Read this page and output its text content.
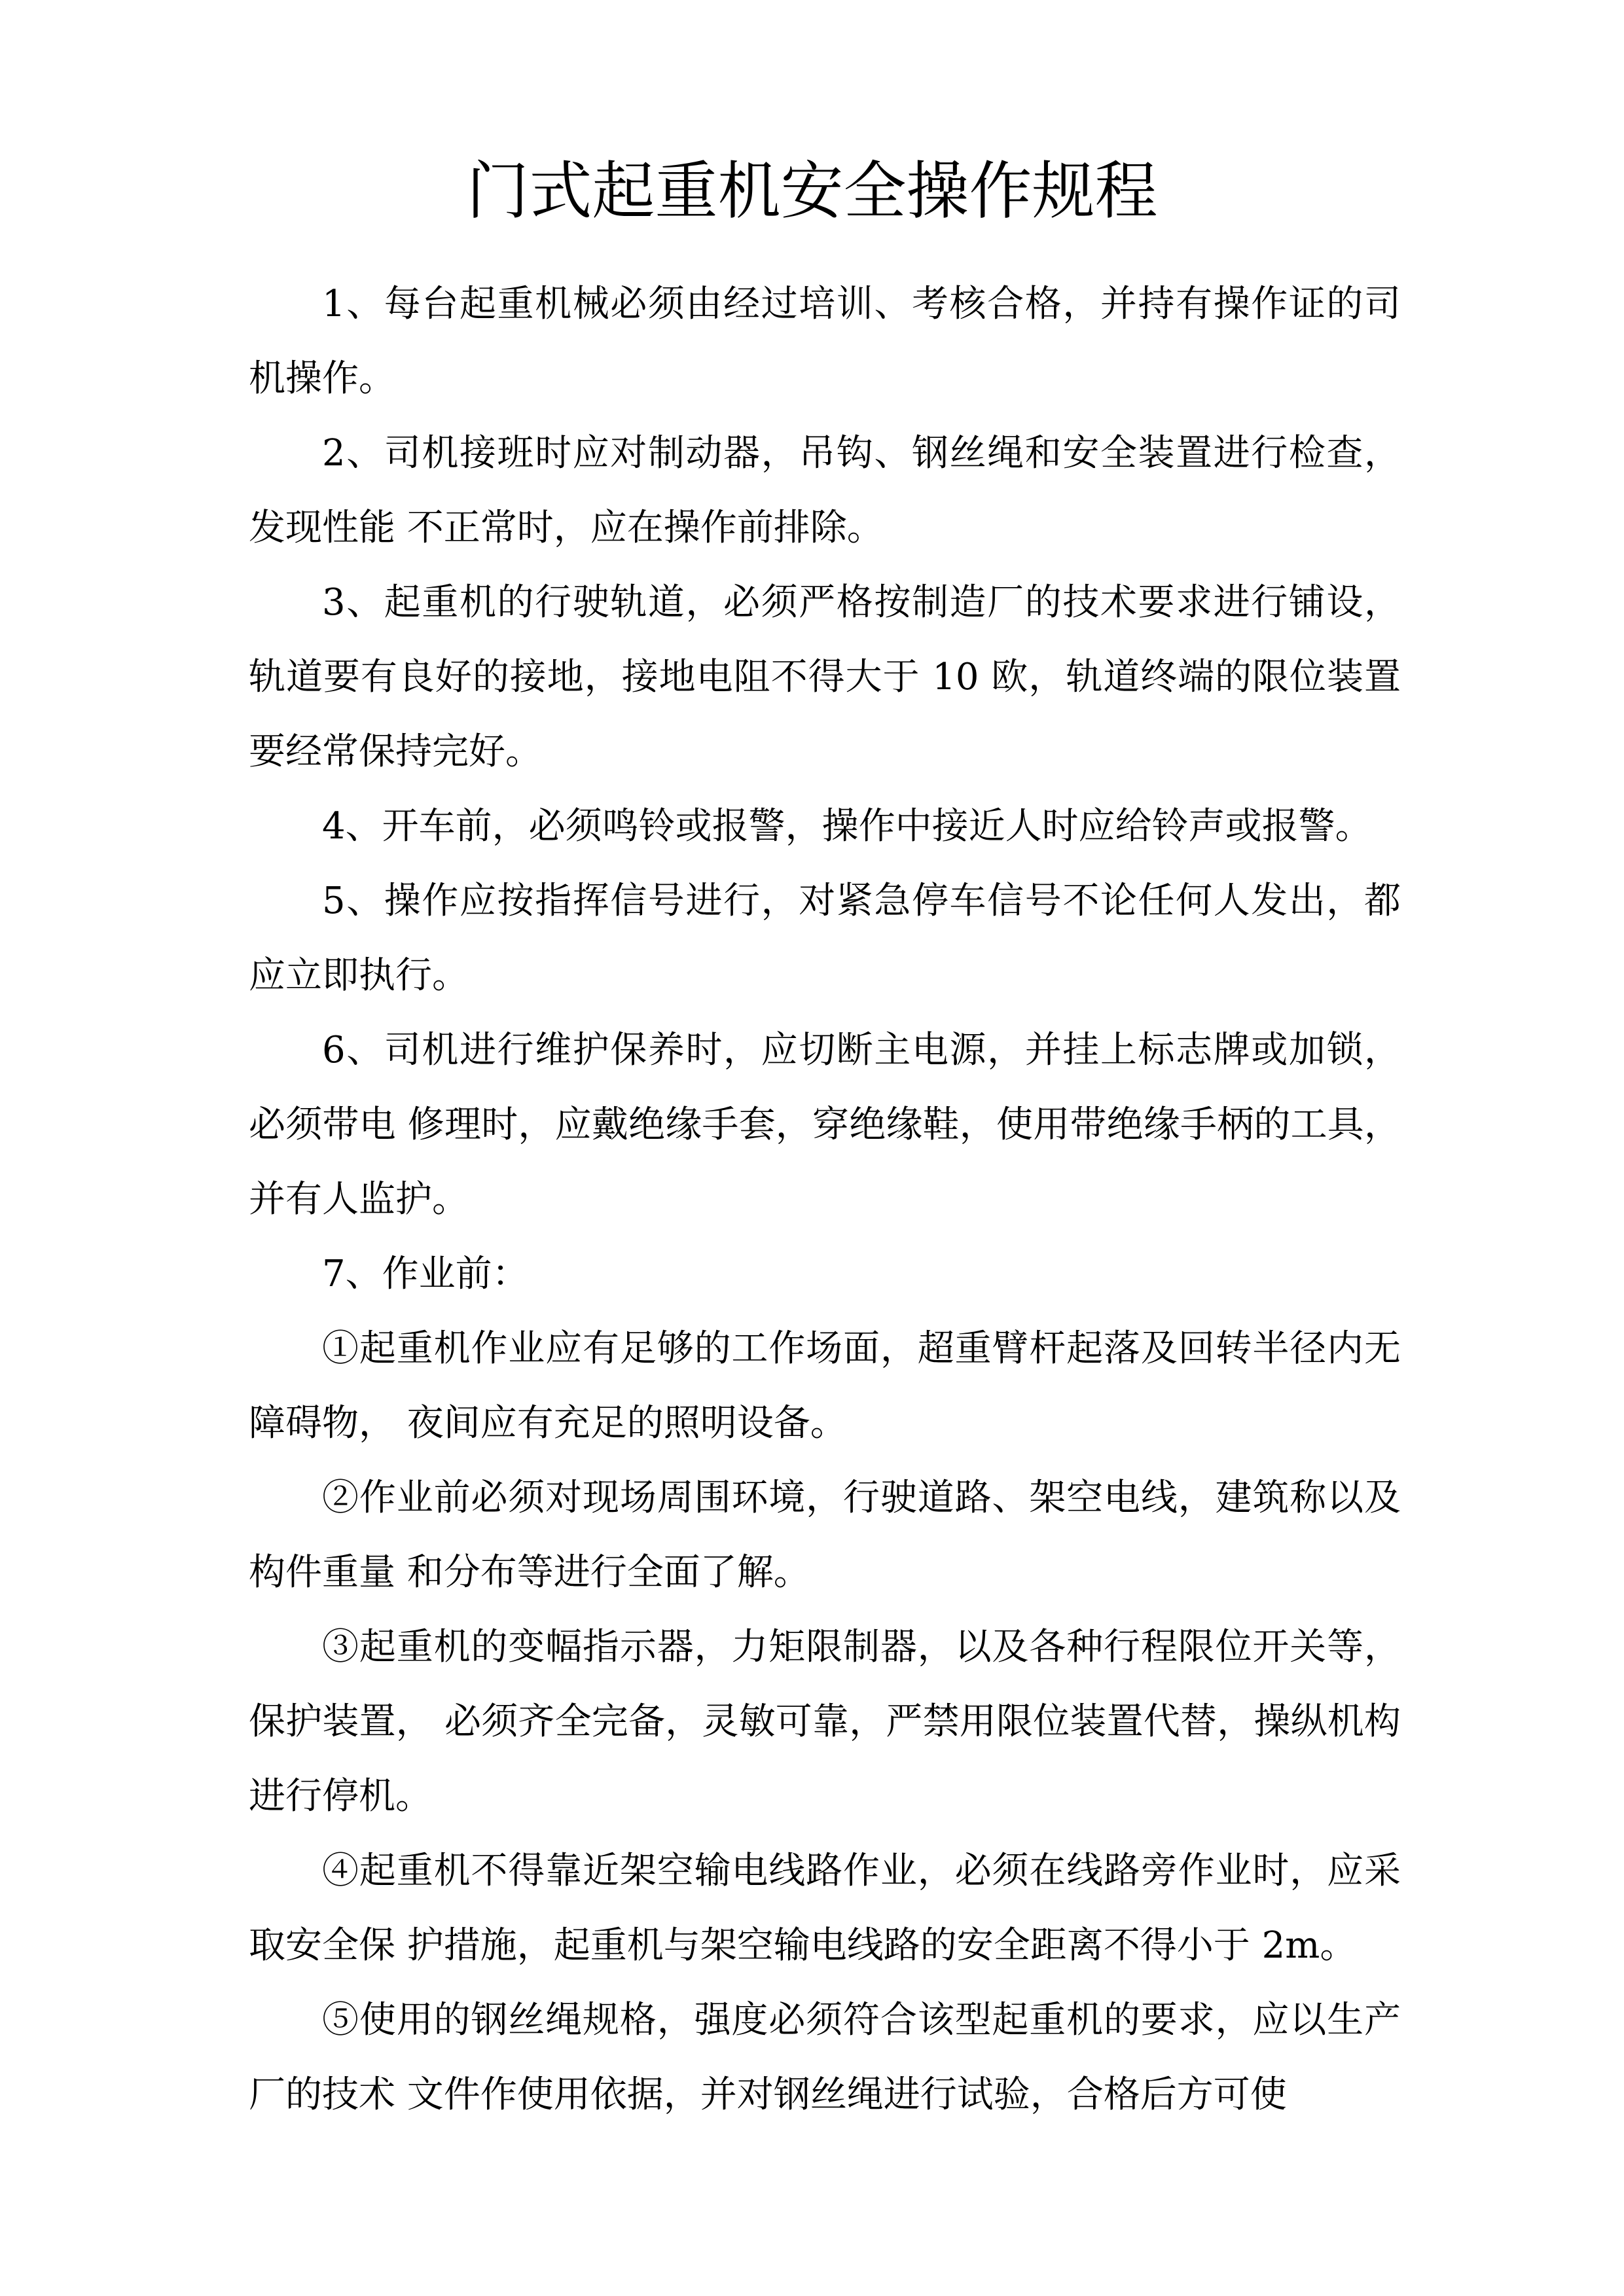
门式起重机安全操作规程

1、每台起重机械必须由经过培训、考核合格，并持有操作证的司机操作。

2、司机接班时应对制动器，吊钩、钢丝绳和安全装置进行检查，发现性能 不正常时，应在操作前排除。

3、起重机的行驶轨道，必须严格按制造厂的技术要求进行铺设，轨道要有良好的接地，接地电阻不得大于 10 欧，轨道终端的限位装置要经常保持完好。

4、开车前，必须鸣铃或报警，操作中接近人时应给铃声或报警。

5、操作应按指挥信号进行，对紧急停车信号不论任何人发出，都应立即执行。

6、司机进行维护保养时，应切断主电源，并挂上标志牌或加锁，必须带电 修理时，应戴绝缘手套，穿绝缘鞋，使用带绝缘手柄的工具，并有人监护。

7、作业前：

①起重机作业应有足够的工作场面，超重臂杆起落及回转半径内无障碍物， 夜间应有充足的照明设备。

②作业前必须对现场周围环境，行驶道路、架空电线，建筑称以及构件重量 和分布等进行全面了解。

③起重机的变幅指示器，力矩限制器，以及各种行程限位开关等，保护装置， 必须齐全完备，灵敏可靠，严禁用限位装置代替，操纵机构进行停机。

④起重机不得靠近架空输电线路作业，必须在线路旁作业时，应采取安全保 护措施，起重机与架空输电线路的安全距离不得小于 2m。

⑤使用的钢丝绳规格，强度必须符合该型起重机的要求，应以生产厂的技术 文件作使用依据，并对钢丝绳进行试验，合格后方可使
